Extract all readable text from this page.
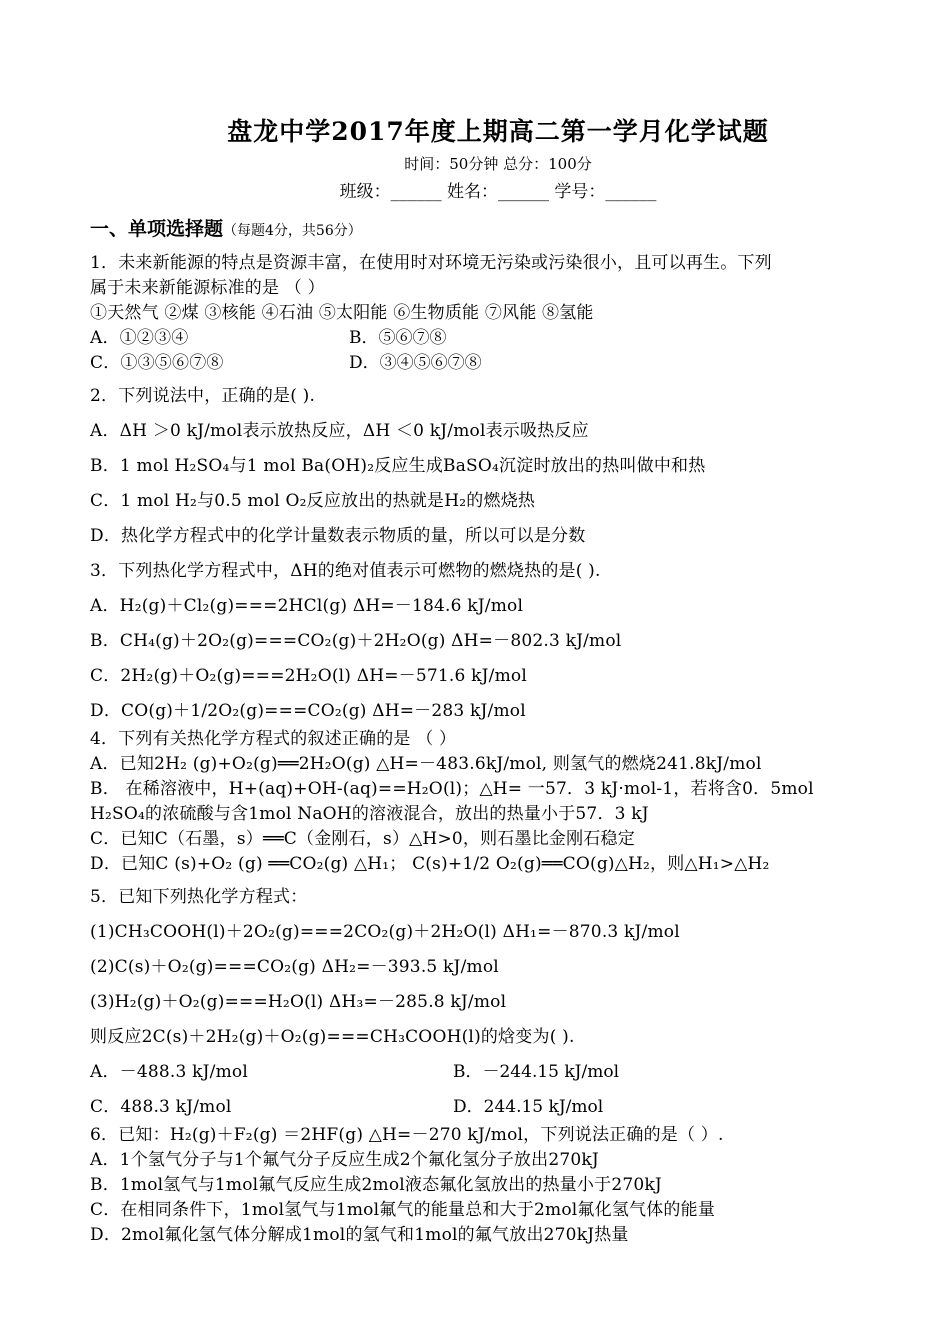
盘龙中学2017年度上期高二第一学月化学试题
时间：50分钟 总分：100分
班级：______ 姓名：______ 学号：______
一、单项选择题（每题4分，共56分）
1．未来新能源的特点是资源丰富，在使用时对环境无污染或污染很小，且可以再生。下列
属于未来新能源标准的是 （ ）
①天然气 ②煤 ③核能 ④石油 ⑤太阳能 ⑥生物质能 ⑦风能 ⑧氢能
A．①②③④	B．⑤⑥⑦⑧
C．①③⑤⑥⑦⑧	D．③④⑤⑥⑦⑧
2．下列说法中，正确的是( ).
A．ΔH ＞0 kJ/mol表示放热反应，ΔH ＜0 kJ/mol表示吸热反应
B．1 mol H₂SO₄与1 mol Ba(OH)₂反应生成BaSO₄沉淀时放出的热叫做中和热
C．1 mol H₂与0.5 mol O₂反应放出的热就是H₂的燃烧热
D．热化学方程式中的化学计量数表示物质的量，所以可以是分数
3．下列热化学方程式中，ΔH的绝对值表示可燃物的燃烧热的是( ).
A．H₂(g)＋Cl₂(g)===2HCl(g) ΔH=－184.6 kJ/mol
B．CH₄(g)＋2O₂(g)===CO₂(g)＋2H₂O(g) ΔH=－802.3 kJ/mol
C．2H₂(g)＋O₂(g)===2H₂O(l) ΔH=－571.6 kJ/mol
D．CO(g)＋1/2O₂(g)===CO₂(g) ΔH=－283 kJ/mol
4．下列有关热化学方程式的叙述正确的是 （ ）
A．已知2H₂ (g)+O₂(g)══2H₂O(g) △H=－483.6kJ/mol, 则氢气的燃烧241.8kJ/mol
B． 在稀溶液中，H+(aq)+OH-(aq)==H₂O(l)；△H= 一57．3 kJ·mol-1，若将含0．5mol
H₂SO₄的浓硫酸与含1mol NaOH的溶液混合，放出的热量小于57．3 kJ
C．已知C（石墨，s）══C（金刚石，s）△H>0，则石墨比金刚石稳定
D．已知C (s)+O₂ (g) ══CO₂(g) △H₁； C(s)+1/2 O₂(g)══CO(g)△H₂，则△H₁>△H₂
5．已知下列热化学方程式：
(1)CH₃COOH(l)＋2O₂(g)===2CO₂(g)＋2H₂O(l) ΔH₁=－870.3 kJ/mol
(2)C(s)＋O₂(g)===CO₂(g) ΔH₂=－393.5 kJ/mol
(3)H₂(g)＋O₂(g)===H₂O(l) ΔH₃=－285.8 kJ/mol
则反应2C(s)＋2H₂(g)＋O₂(g)===CH₃COOH(l)的焓变为( ).
A．－488.3 kJ/mol	B．－244.15 kJ/mol
C．488.3 kJ/mol	D．244.15 kJ/mol
6．已知：H₂(g)＋F₂(g) ＝2HF(g) △H=－270 kJ/mol，下列说法正确的是（ ）.
A．1个氢气分子与1个氟气分子反应生成2个氟化氢分子放出270kJ
B．1mol氢气与1mol氟气反应生成2mol液态氟化氢放出的热量小于270kJ
C．在相同条件下，1mol氢气与1mol氟气的能量总和大于2mol氟化氢气体的能量
D．2mol氟化氢气体分解成1mol的氢气和1mol的氟气放出270kJ热量
